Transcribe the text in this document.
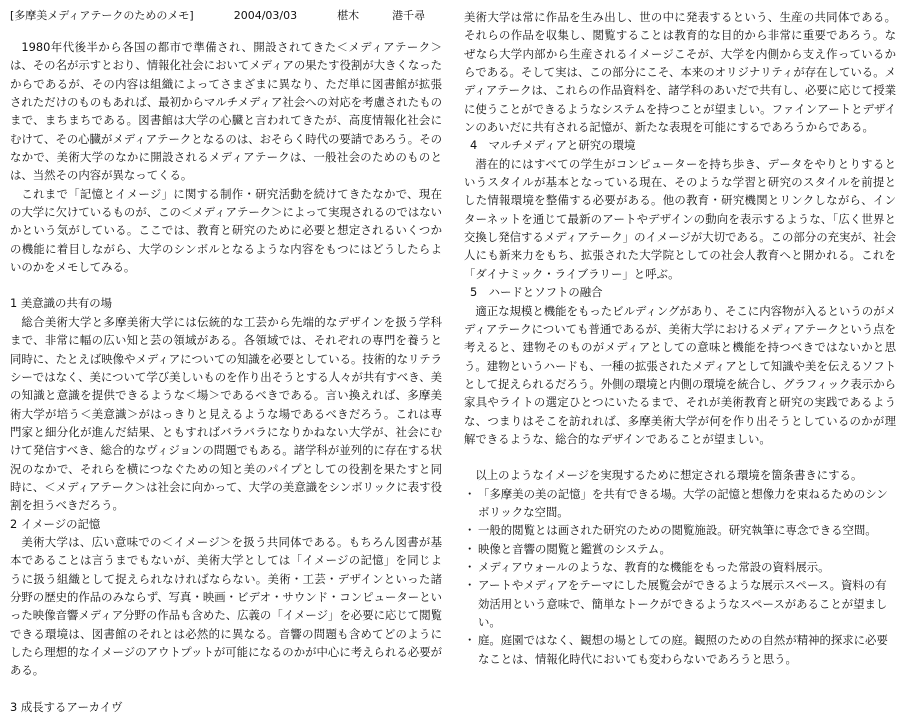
[多摩美メディアテークのためのメモ]	2004/03/03	椹木　　　港千尋

1980年代後半から各国の都市で準備され、開設されてきた＜メディアテーク＞は、その名が示すとおり、情報化社会においてメディアの果たす役割が大きくなったからであるが、その内容は組織によってさまざまに異なり、ただ単に図書館が拡張されただけのものもあれば、最初からマルチメディア社会への対応を考慮されたものまで、まちまちである。図書館は大学の心臓と言われてきたが、高度情報化社会にむけて、その心臓がメディアテークとなるのは、おそらく時代の要請であろう。そのなかで、美術大学のなかに開設されるメディアテークは、一般社会のためのものとは、当然その内容が異なってくる。

これまで「記憶とイメージ」に関する制作・研究活動を続けてきたなかで、現在の大学に欠けているものが、この＜メディアテーク＞によって実現されるのではないかという気がしている。ここでは、教育と研究のために必要と想定されるいくつかの機能に着目しながら、大学のシンボルとなるような内容をもつにはどうしたらよいのかをメモしてみる。

1 美意識の共有の場

総合美術大学と多摩美術大学には伝統的な工芸から先端的なデザインを扱う学科まで、非常に幅の広い知と芸の領域がある。各領域では、それぞれの専門を養うと同時に、たとえば映像やメディアについての知識を必要としている。技術的なリテラシーではなく、美について学び美しいものを作り出そうとする人々が共有すべき、美の知識と意識を提供できるような＜場＞であるべきである。言い換えれば、多摩美術大学が培う＜美意識＞がはっきりと見えるような場であるべきだろう。これは専門家と細分化が進んだ結果、ともすればバラバラになりかねない大学が、社会にむけて発信すべき、総合的なヴィジョンの問題でもある。諸学科が並列的に存在する状況のなかで、それらを横につなぐための知と美のパイプとしての役割を果たすと同時に、＜メディアテーク＞は社会に向かって、大学の美意識をシンボリックに表す役割を担うべきだろう。

2 イメージの記憶

美術大学は、広い意味での＜イメージ＞を扱う共同体である。もちろん図書が基本であることは言うまでもないが、美術大学としては「イメージの記憶」を同じように扱う組織として捉えられなければならない。美術・工芸・デザインといった諸分野の歴史的作品のみならず、写真・映画・ビデオ・サウンド・コンピューターといった映像音響メディア分野の作品も含めた、広義の「イメージ」を必要に応じて閲覧できる環境は、図書館のそれとは必然的に異なる。音響の問題も含めてどのようにしたら理想的なイメージのアウトプットが可能になるのかが中心に考えられる必要がある。

3 成長するアーカイヴ

美術大学は常に作品を生み出し、世の中に発表するという、生産の共同体である。それらの作品を収集し、閲覧することは教育的な目的から非常に重要であろう。なぜなら大学内部から生産されるイメージこそが、大学を内側から支え作っているからである。そして実は、この部分にこそ、本来のオリジナリティが存在している。メディアテークは、これらの作品資料を、諸学科のあいだで共有し、必要に応じて授業に使うことができるようなシステムを持つことが望ましい。ファインアートとデザインのあいだに共有される記憶が、新たな表現を可能にするであろうからである。

4　マルチメディアと研究の環境

潜在的にはすべての学生がコンピューターを持ち歩き、データをやりとりするというスタイルが基本となっている現在、そのような学習と研究のスタイルを前提とした情報環境を整備する必要がある。他の教育・研究機関とリンクしながら、インターネットを通じて最新のアートやデザインの動向を表示するような、「広く世界と交換し発信するメディアテーク」のイメージが大切である。この部分の充実が、社会人にも新来力をもち、拡張された大学院としての社会人教育へと開かれる。これを「ダイナミック・ライブラリー」と呼ぶ。

5　ハードとソフトの融合

適正な規模と機能をもったビルディングがあり、そこに内容物が入るというのがメディアテークについても普通であるが、美術大学におけるメディアテークという点を考えると、建物そのものがメディアとしての意味と機能を持つべきではないかと思う。建物というハードも、一種の拡張されたメディアとして知識や美を伝えるソフトとして捉えられるだろう。外側の環境と内側の環境を統合し、グラフィック表示から家具やライトの選定ひとつにいたるまで、それが美術教育と研究の実践であるような、つまりはそこを訪れれば、多摩美術大学が何を作り出そうとしているのかが理解できるような、総合的なデザインであることが望ましい。

以上のようなイメージを実現するために想定される環境を箇条書きにする。

・ 「多摩美の美の記憶」を共有できる場。大学の記憶と想像力を束ねるためのシンボリックな空間。

・ 一般的閲覧とは画された研究のための閲覧施設。研究執筆に専念できる空間。

・ 映像と音響の閲覧と鑑賞のシステム。

・ メディアウォールのような、教育的な機能をもった常設の資料展示。

・ アートやメディアをテーマにした展覧会ができるような展示スペース。資料の有効活用という意味で、簡単なトークができるようなスペースがあることが望ましい。

・ 庭。庭園ではなく、観想の場としての庭。観照のための自然が精神的探求に必要なことは、情報化時代においても変わらないであろうと思う。
